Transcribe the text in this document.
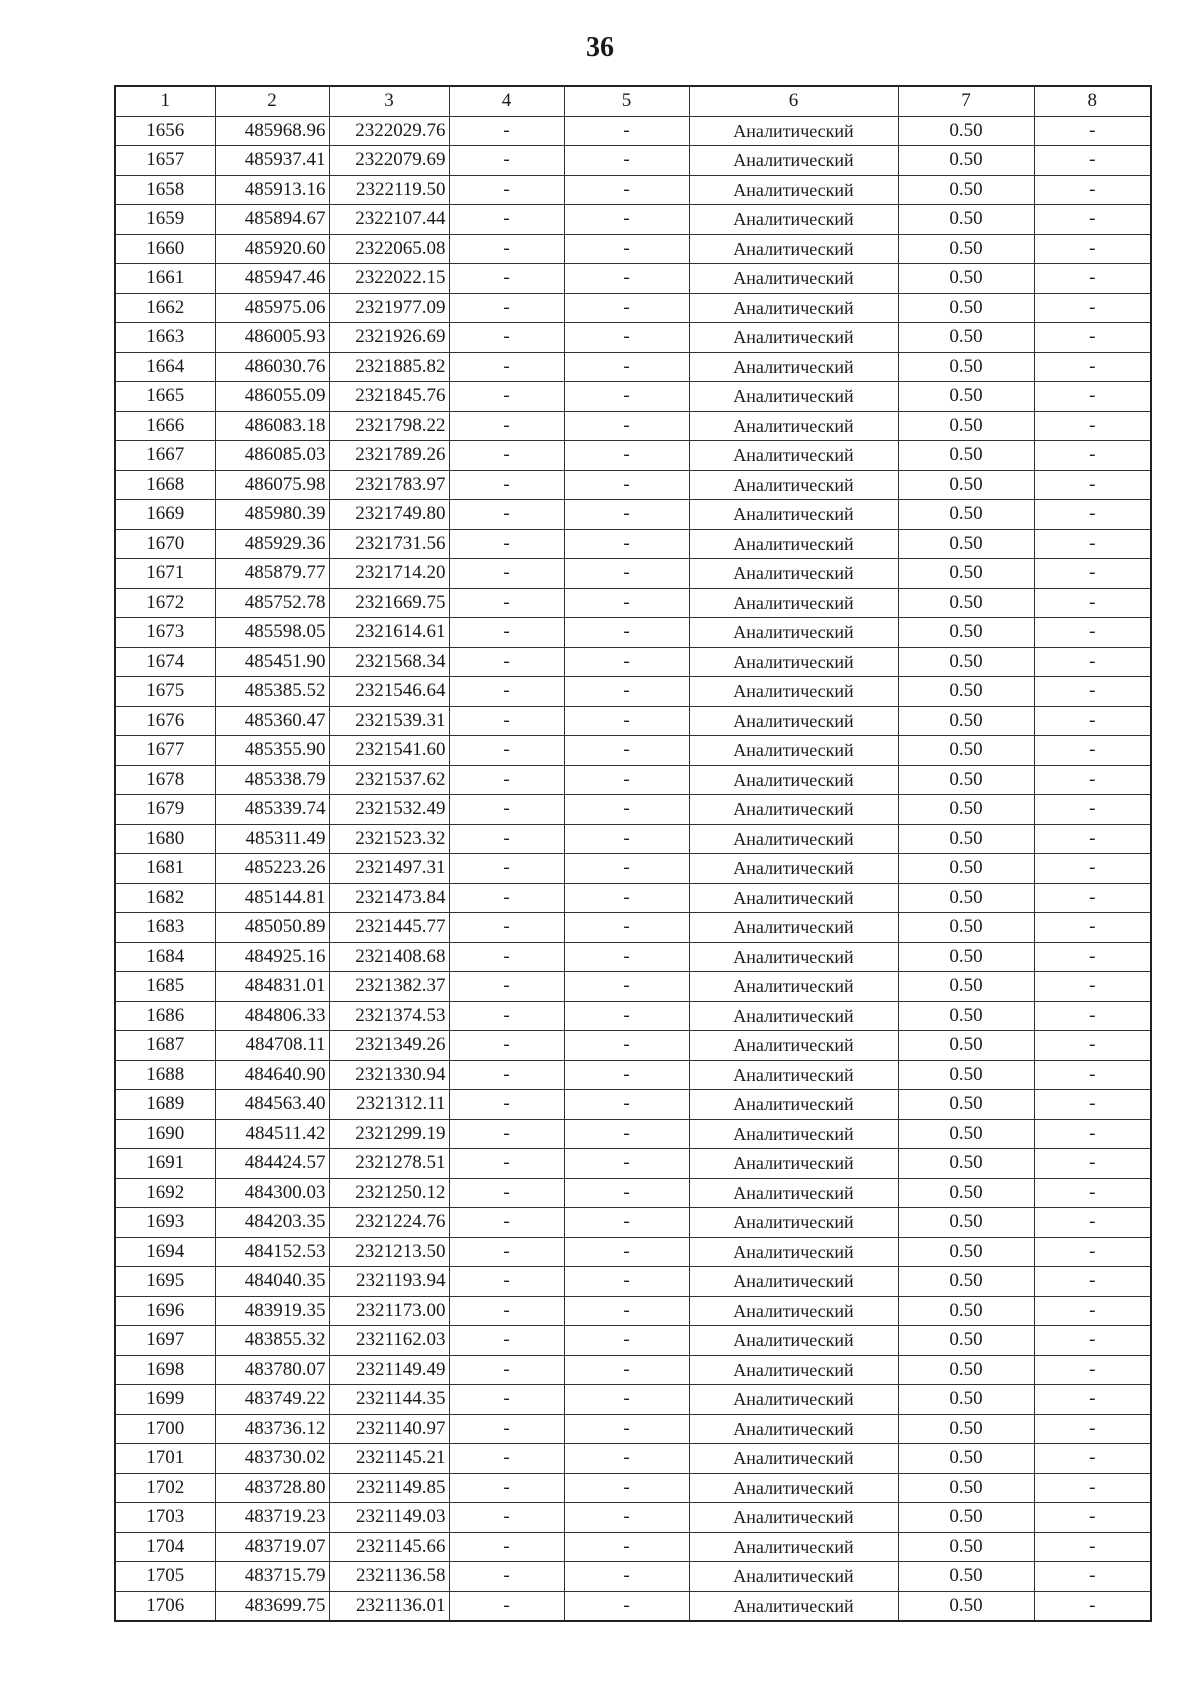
36
1	2	3	4	5	6	7	8
1656	485968.96	2322029.76	-	-	Аналитический	0.50	-
1657	485937.41	2322079.69	-	-	Аналитический	0.50	-
1658	485913.16	2322119.50	-	-	Аналитический	0.50	-
1659	485894.67	2322107.44	-	-	Аналитический	0.50	-
1660	485920.60	2322065.08	-	-	Аналитический	0.50	-
1661	485947.46	2322022.15	-	-	Аналитический	0.50	-
1662	485975.06	2321977.09	-	-	Аналитический	0.50	-
1663	486005.93	2321926.69	-	-	Аналитический	0.50	-
1664	486030.76	2321885.82	-	-	Аналитический	0.50	-
1665	486055.09	2321845.76	-	-	Аналитический	0.50	-
1666	486083.18	2321798.22	-	-	Аналитический	0.50	-
1667	486085.03	2321789.26	-	-	Аналитический	0.50	-
1668	486075.98	2321783.97	-	-	Аналитический	0.50	-
1669	485980.39	2321749.80	-	-	Аналитический	0.50	-
1670	485929.36	2321731.56	-	-	Аналитический	0.50	-
1671	485879.77	2321714.20	-	-	Аналитический	0.50	-
1672	485752.78	2321669.75	-	-	Аналитический	0.50	-
1673	485598.05	2321614.61	-	-	Аналитический	0.50	-
1674	485451.90	2321568.34	-	-	Аналитический	0.50	-
1675	485385.52	2321546.64	-	-	Аналитический	0.50	-
1676	485360.47	2321539.31	-	-	Аналитический	0.50	-
1677	485355.90	2321541.60	-	-	Аналитический	0.50	-
1678	485338.79	2321537.62	-	-	Аналитический	0.50	-
1679	485339.74	2321532.49	-	-	Аналитический	0.50	-
1680	485311.49	2321523.32	-	-	Аналитический	0.50	-
1681	485223.26	2321497.31	-	-	Аналитический	0.50	-
1682	485144.81	2321473.84	-	-	Аналитический	0.50	-
1683	485050.89	2321445.77	-	-	Аналитический	0.50	-
1684	484925.16	2321408.68	-	-	Аналитический	0.50	-
1685	484831.01	2321382.37	-	-	Аналитический	0.50	-
1686	484806.33	2321374.53	-	-	Аналитический	0.50	-
1687	484708.11	2321349.26	-	-	Аналитический	0.50	-
1688	484640.90	2321330.94	-	-	Аналитический	0.50	-
1689	484563.40	2321312.11	-	-	Аналитический	0.50	-
1690	484511.42	2321299.19	-	-	Аналитический	0.50	-
1691	484424.57	2321278.51	-	-	Аналитический	0.50	-
1692	484300.03	2321250.12	-	-	Аналитический	0.50	-
1693	484203.35	2321224.76	-	-	Аналитический	0.50	-
1694	484152.53	2321213.50	-	-	Аналитический	0.50	-
1695	484040.35	2321193.94	-	-	Аналитический	0.50	-
1696	483919.35	2321173.00	-	-	Аналитический	0.50	-
1697	483855.32	2321162.03	-	-	Аналитический	0.50	-
1698	483780.07	2321149.49	-	-	Аналитический	0.50	-
1699	483749.22	2321144.35	-	-	Аналитический	0.50	-
1700	483736.12	2321140.97	-	-	Аналитический	0.50	-
1701	483730.02	2321145.21	-	-	Аналитический	0.50	-
1702	483728.80	2321149.85	-	-	Аналитический	0.50	-
1703	483719.23	2321149.03	-	-	Аналитический	0.50	-
1704	483719.07	2321145.66	-	-	Аналитический	0.50	-
1705	483715.79	2321136.58	-	-	Аналитический	0.50	-
1706	483699.75	2321136.01	-	-	Аналитический	0.50	-
